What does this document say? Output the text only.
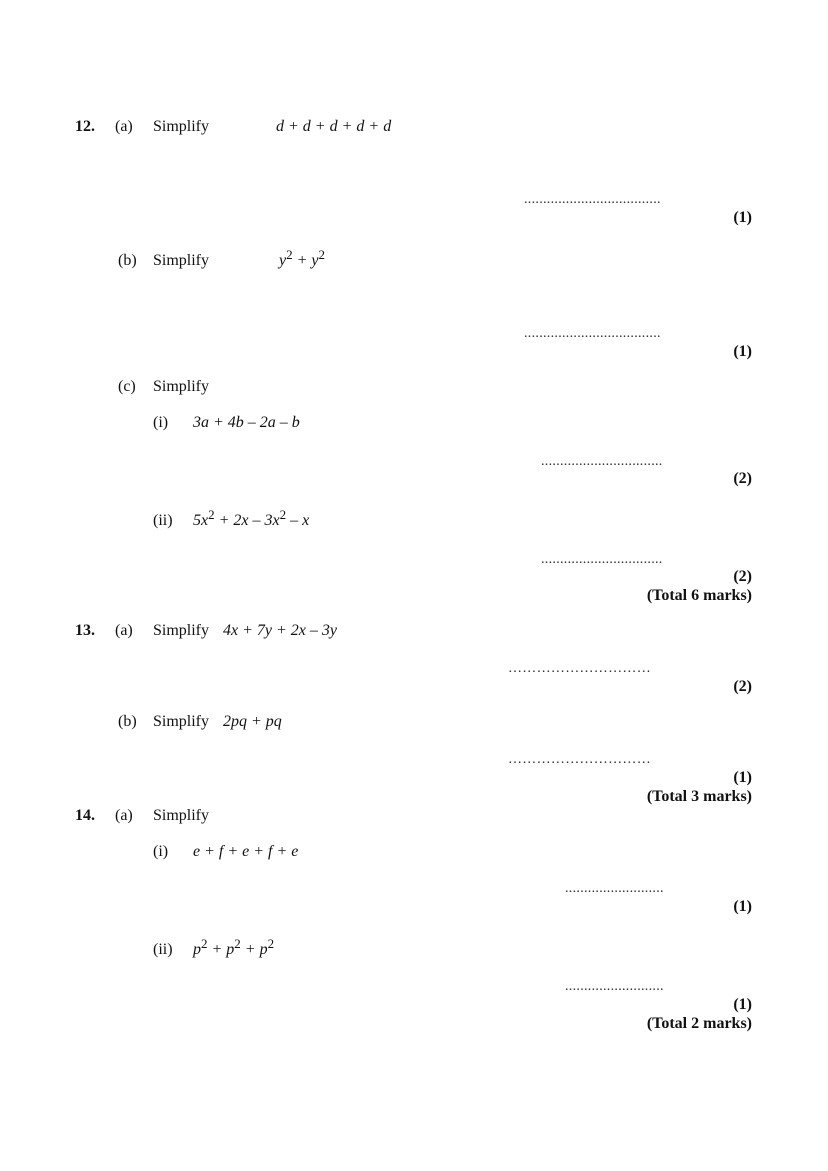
12. (a) Simplify	d + d + d + d + d
....................................
(1)
(b) Simplify	$y^2 + y^2$
....................................
(1)
(c) Simplify
(i) 3a + 4b – 2a – b
................................
(2)
(ii) $5x^2 + 2x - 3x^2 - x$
................................
(2)
(Total 6 marks)
13. (a) Simplify 4x + 7y + 2x – 3y
…………………………
(2)
(b) Simplify 2pq + pq
…………………………
(1)
(Total 3 marks)
14. (a) Simplify
(i) e + f + e + f + e
..........................
(1)
(ii) $p^2 + p^2 + p^2$
..........................
(1)
(Total 2 marks)
